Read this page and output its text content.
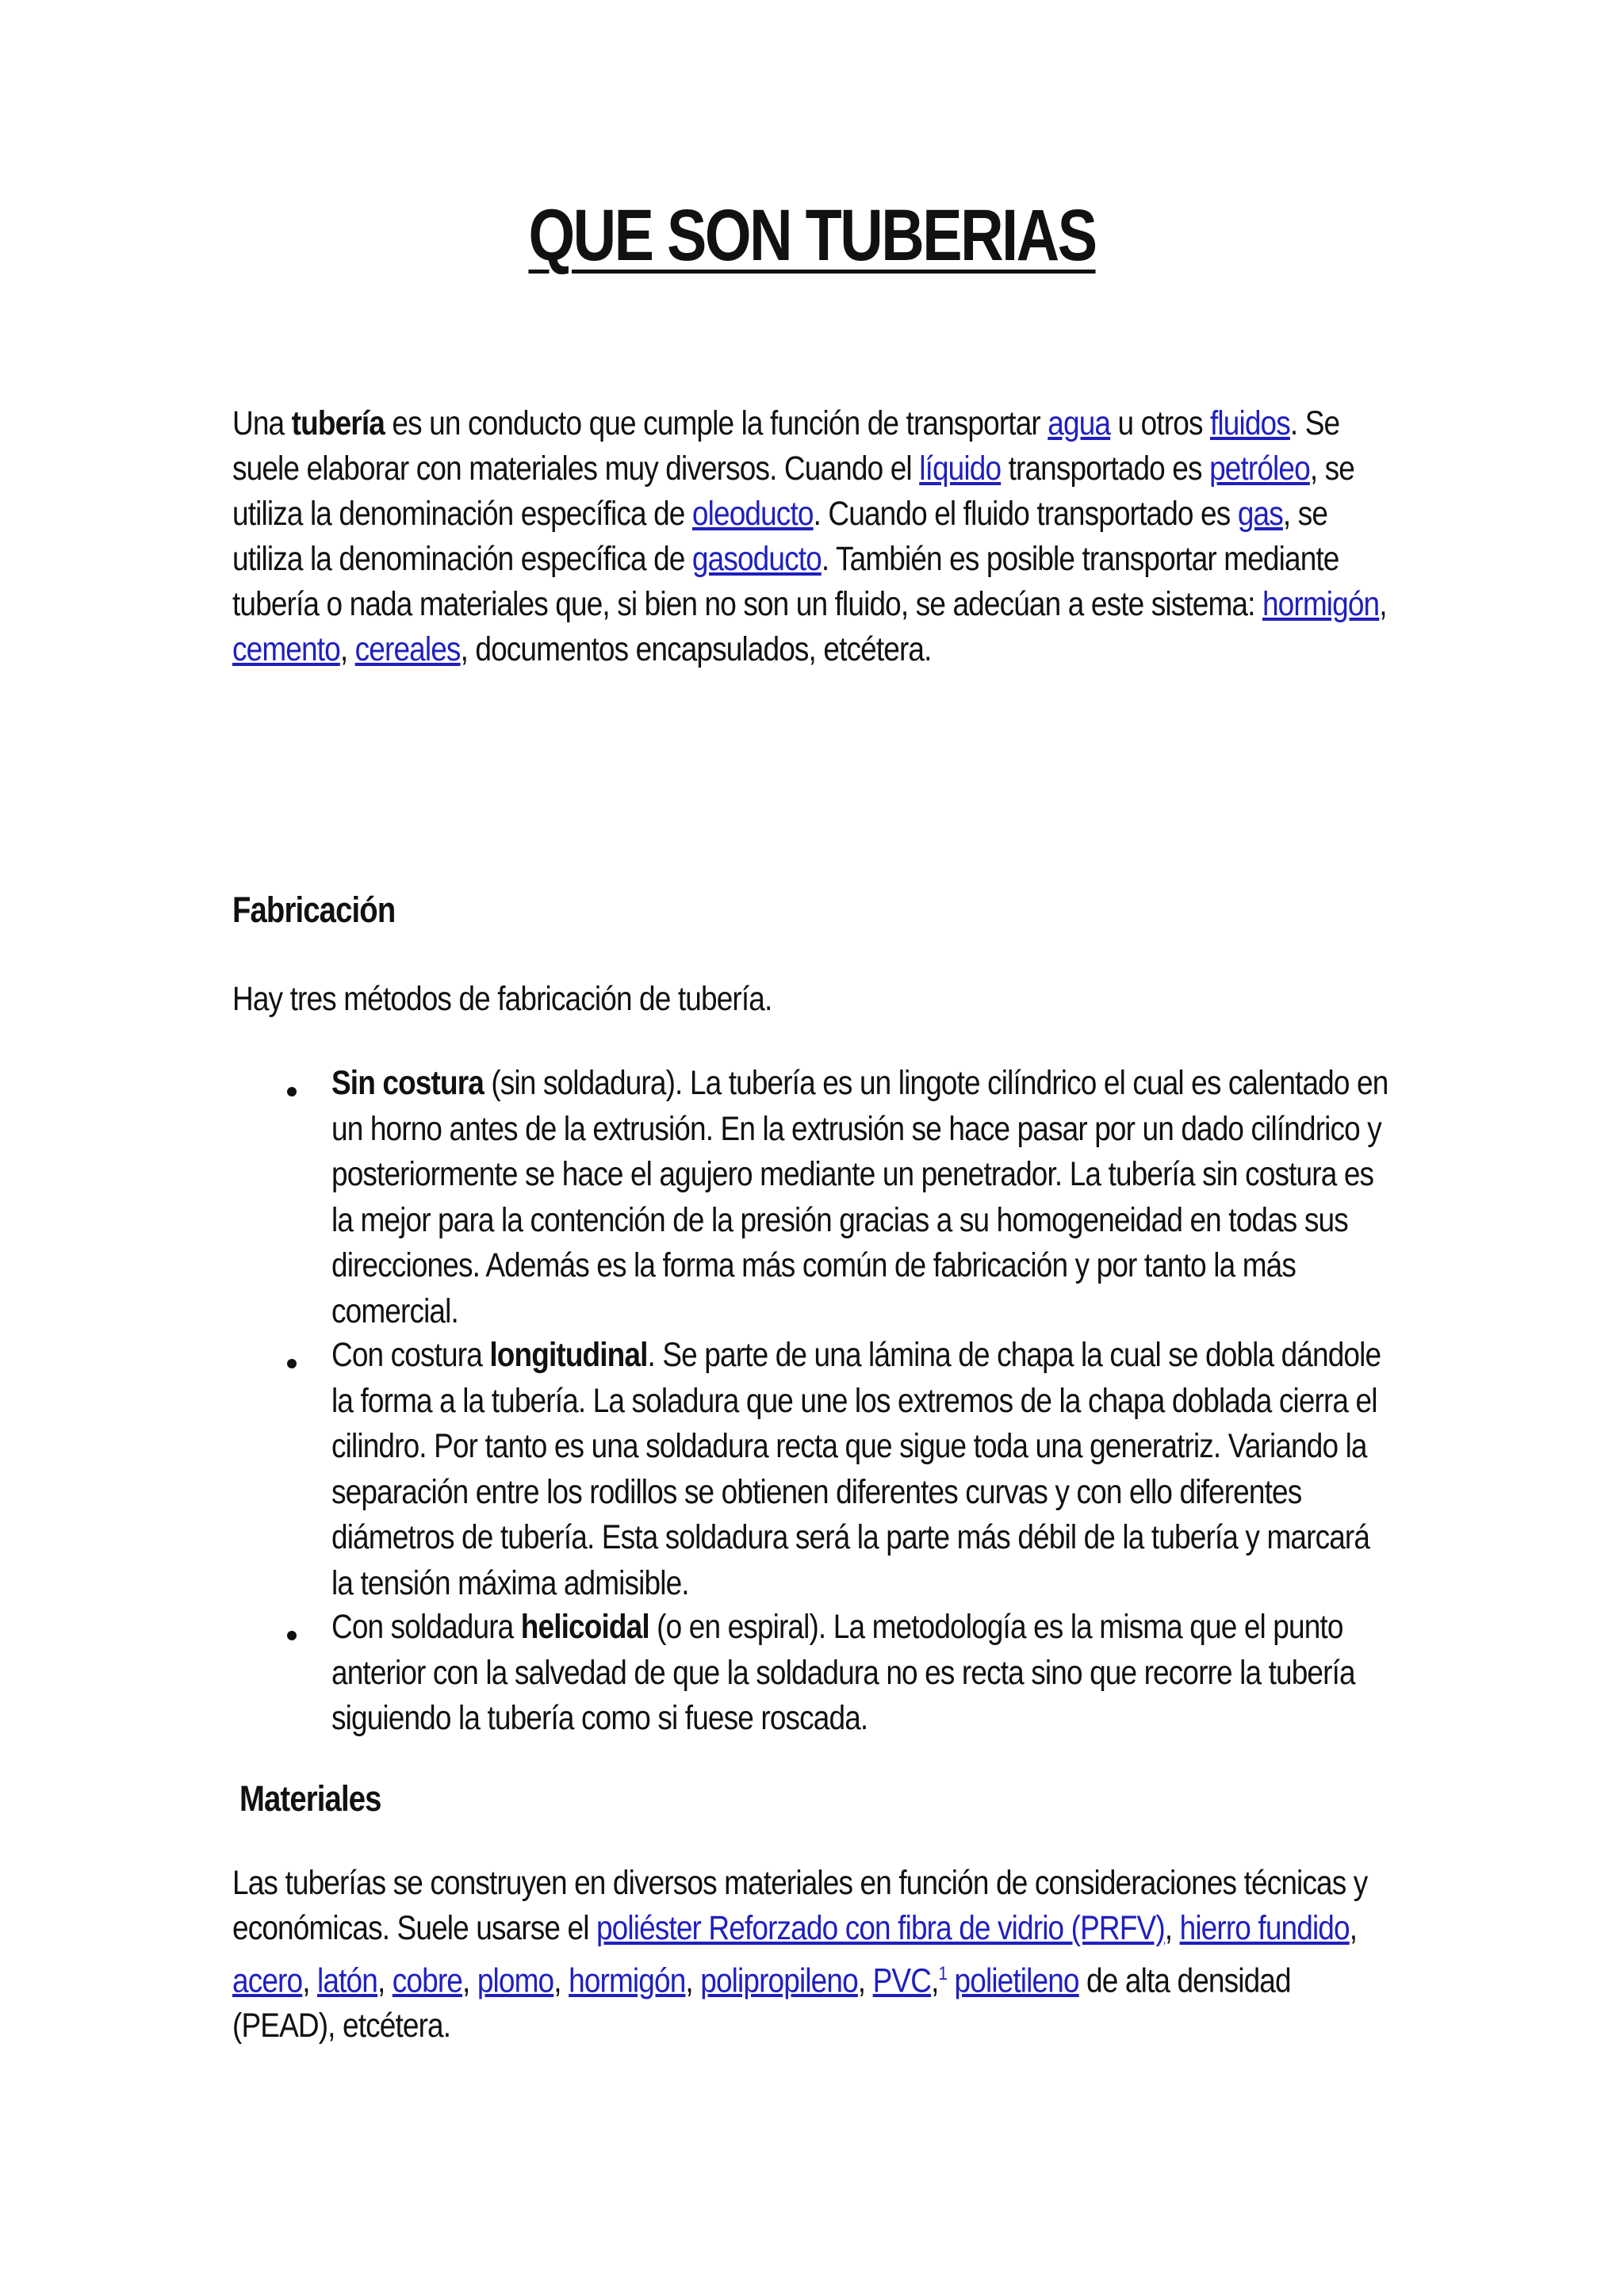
QUE SON TUBERIAS

Una tubería es un conducto que cumple la función de transportar agua u otros fluidos. Se suele elaborar con materiales muy diversos. Cuando el líquido transportado es petróleo, se utiliza la denominación específica de oleoducto. Cuando el fluido transportado es gas, se utiliza la denominación específica de gasoducto. También es posible transportar mediante tubería o nada materiales que, si bien no son un fluido, se adecúan a este sistema: hormigón, cemento, cereales, documentos encapsulados, etcétera.

Fabricación

Hay tres métodos de fabricación de tubería.

Sin costura (sin soldadura). La tubería es un lingote cilíndrico el cual es calentado en un horno antes de la extrusión. En la extrusión se hace pasar por un dado cilíndrico y posteriormente se hace el agujero mediante un penetrador. La tubería sin costura es la mejor para la contención de la presión gracias a su homogeneidad en todas sus direcciones. Además es la forma más común de fabricación y por tanto la más comercial.
Con costura longitudinal. Se parte de una lámina de chapa la cual se dobla dándole la forma a la tubería. La soladura que une los extremos de la chapa doblada cierra el cilindro. Por tanto es una soldadura recta que sigue toda una generatriz. Variando la separación entre los rodillos se obtienen diferentes curvas y con ello diferentes diámetros de tubería. Esta soldadura será la parte más débil de la tubería y marcará la tensión máxima admisible.
Con soldadura helicoidal (o en espiral). La metodología es la misma que el punto anterior con la salvedad de que la soldadura no es recta sino que recorre la tubería siguiendo la tubería como si fuese roscada.
Materiales

Las tuberías se construyen en diversos materiales en función de consideraciones técnicas y económicas. Suele usarse el poliéster Reforzado con fibra de vidrio (PRFV), hierro fundido, acero, latón, cobre, plomo, hormigón, polipropileno, PVC,$^1$ polietileno de alta densidad (PEAD), etcétera.
